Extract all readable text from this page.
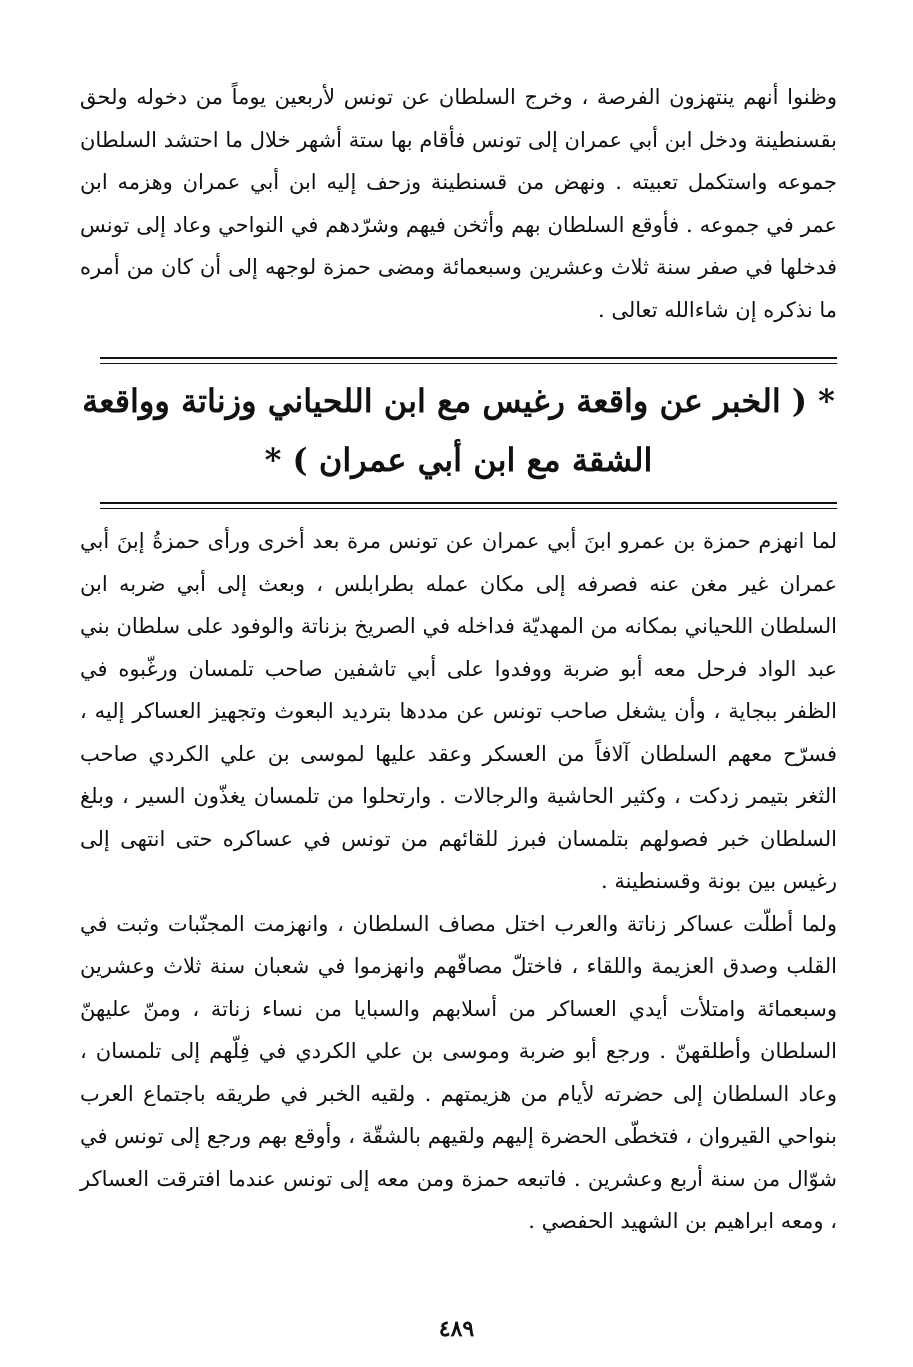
وظنوا أنهم ينتهزون الفرصة ، وخرج السلطان عن تونس لأربعين يوماً من دخوله ولحق بقسنطينة ودخل ابن أبي عمران إلى تونس فأقام بها ستة أشهر خلال ما احتشد السلطان جموعه واستكمل تعبيته . ونهض من قسنطينة وزحف إليه ابن أبي عمران وهزمه ابن عمر في جموعه . فأوقع السلطان بهم وأثخن فيهم وشرّدهم في النواحي وعاد إلى تونس فدخلها في صفر سنة ثلاث وعشرين وسبعمائة ومضى حمزة لوجهه إلى أن كان من أمره ما نذكره إن شاءالله تعالى .

* ( الخبر عن واقعة رغيس مع ابن اللحياني وزناتة وواقعة
الشقة مع ابن أبي عمران ) *

لما انهزم حمزة بن عمرو ابنَ أبي عمران عن تونس مرة بعد أخرى ورأى حمزةُ إبنَ أبي عمران غير مغن عنه فصرفه إلى مكان عمله بطرابلس ، وبعث إلى أبي ضربه ابن السلطان اللحياني بمكانه من المهديّة فداخله في الصريخ بزناتة والوفود على سلطان بني عبد الواد فرحل معه أبو ضربة ووفدوا على أبي تاشفين صاحب تلمسان ورغّبوه في الظفر ببجاية ، وأن يشغل صاحب تونس عن مددها بترديد البعوث وتجهيز العساكر إليه ، فسرّح معهم السلطان آلافاً من العسكر وعقد عليها لموسى بن علي الكردي صاحب الثغر بتيمر زدكت ، وكثير الحاشية والرجالات . وارتحلوا من تلمسان يغذّون السير ، وبلغ السلطان خبر فصولهم بتلمسان فبرز للقائهم من تونس في عساكره حتى انتهى إلى رغيس بين بونة وقسنطينة .

ولما أطلّت عساكر زناتة والعرب اختل مصاف السلطان ، وانهزمت المجنّبات وثبت في القلب وصدق العزيمة واللقاء ، فاختلّ مصافّهم وانهزموا في شعبان سنة ثلاث وعشرين وسبعمائة وامتلأت أيدي العساكر من أسلابهم والسبايا من نساء زناتة ، ومنّ عليهنّ السلطان وأطلقهنّ . ورجع أبو ضربة وموسى بن علي الكردي في فِلّهم إلى تلمسان ، وعاد السلطان إلى حضرته لأيام من هزيمتهم . ولقيه الخبر في طريقه باجتماع العرب بنواحي القيروان ، فتخطّى الحضرة إليهم ولقيهم بالشقّة ، وأوقع بهم ورجع إلى تونس في شوّال من سنة أربع وعشرين . فاتبعه حمزة ومن معه إلى تونس عندما افترقت العساكر ، ومعه ابراهيم بن الشهيد الحفصي .

٤٨٩
